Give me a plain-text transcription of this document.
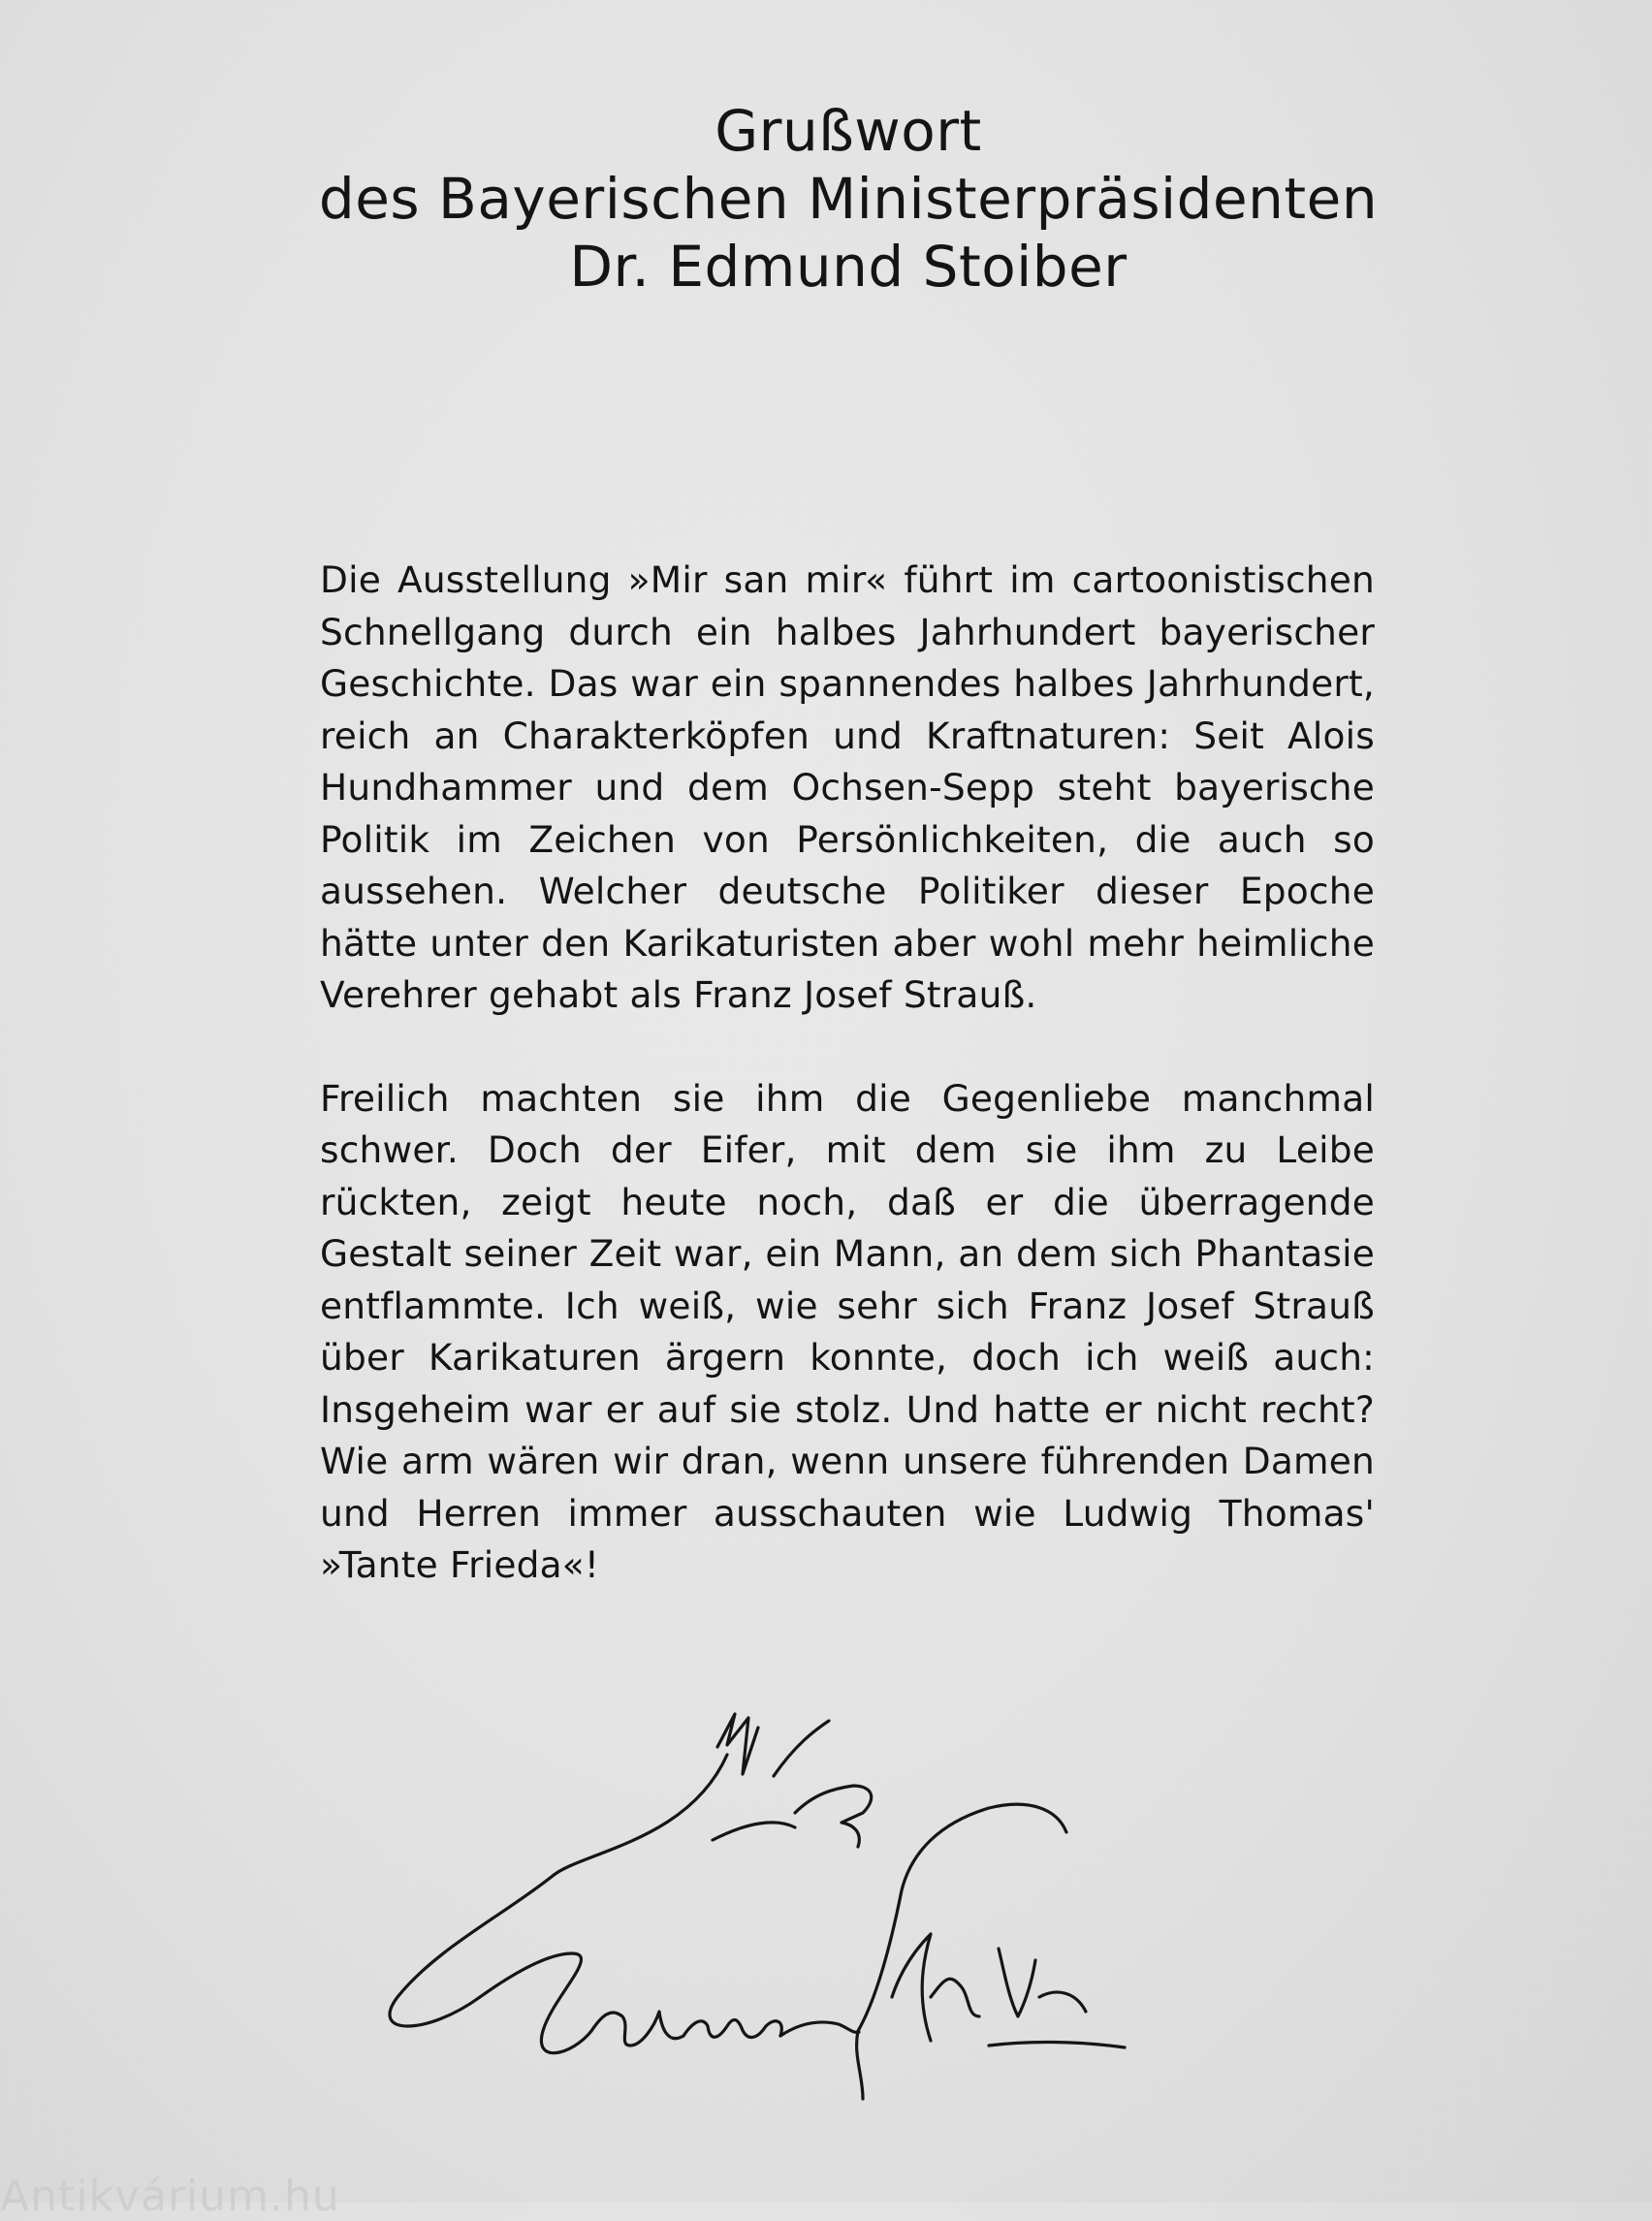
Grußwort
des Bayerischen Ministerpräsidenten
Dr. Edmund Stoiber

Die Ausstellung »Mir san mir« führt im cartoonistischen Schnellgang durch ein halbes Jahrhundert bayerischer Geschichte. Das war ein spannendes halbes Jahrhundert, reich an Charakterköpfen und Kraftnaturen: Seit Alois Hundhammer und dem Ochsen-Sepp steht bayerische Politik im Zeichen von Persönlichkeiten, die auch so aussehen. Welcher deutsche Politiker dieser Epoche hätte unter den Karikaturisten aber wohl mehr heimliche Verehrer gehabt als Franz Josef Strauß.

Freilich machten sie ihm die Gegenliebe manchmal schwer. Doch der Eifer, mit dem sie ihm zu Leibe rückten, zeigt heute noch, daß er die überragende Gestalt seiner Zeit war, ein Mann, an dem sich Phantasie entflammte. Ich weiß, wie sehr sich Franz Josef Strauß über Karikaturen ärgern konnte, doch ich weiß auch: Insgeheim war er auf sie stolz. Und hatte er nicht recht? Wie arm wären wir dran, wenn unsere führenden Damen und Herren immer ausschauten wie Ludwig Thomas' »Tante Frieda«!

Antikvárium.hu
